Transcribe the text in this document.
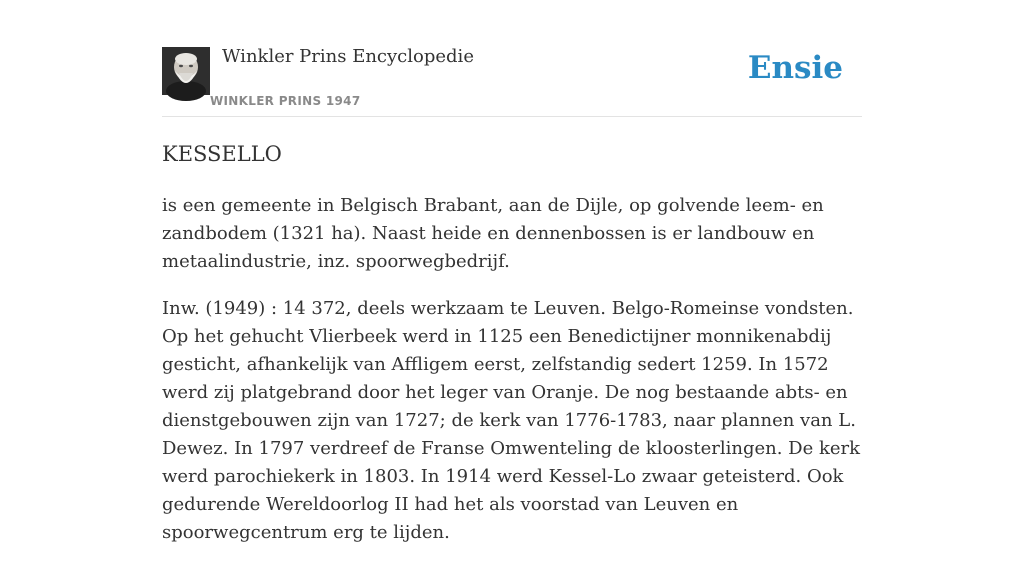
Winkler Prins Encyclopedie
WINKLER PRINS 1947
Ensie
KESSELLO

is een gemeente in Belgisch Brabant, aan de Dijle, op golvende leem- en zandbodem (1321 ha). Naast heide en dennenbossen is er landbouw en metaalindustrie, inz. spoorwegbedrijf.

Inw. (1949) : 14 372, deels werkzaam te Leuven. Belgo-Romeinse vondsten. Op het gehucht Vlierbeek werd in 1125 een Benedictijner monnikenabdij gesticht, afhankelijk van Affligem eerst, zelfstandig sedert 1259. In 1572 werd zij platgebrand door het leger van Oranje. De nog bestaande abts- en dienstgebouwen zijn van 1727; de kerk van 1776-1783, naar plannen van L. Dewez. In 1797 verdreef de Franse Omwenteling de kloosterlingen. De kerk werd parochiekerk in 1803. In 1914 werd Kessel-Lo zwaar geteisterd. Ook gedurende Wereldoorlog II had het als voorstad van Leuven en spoorwegcentrum erg te lijden.
